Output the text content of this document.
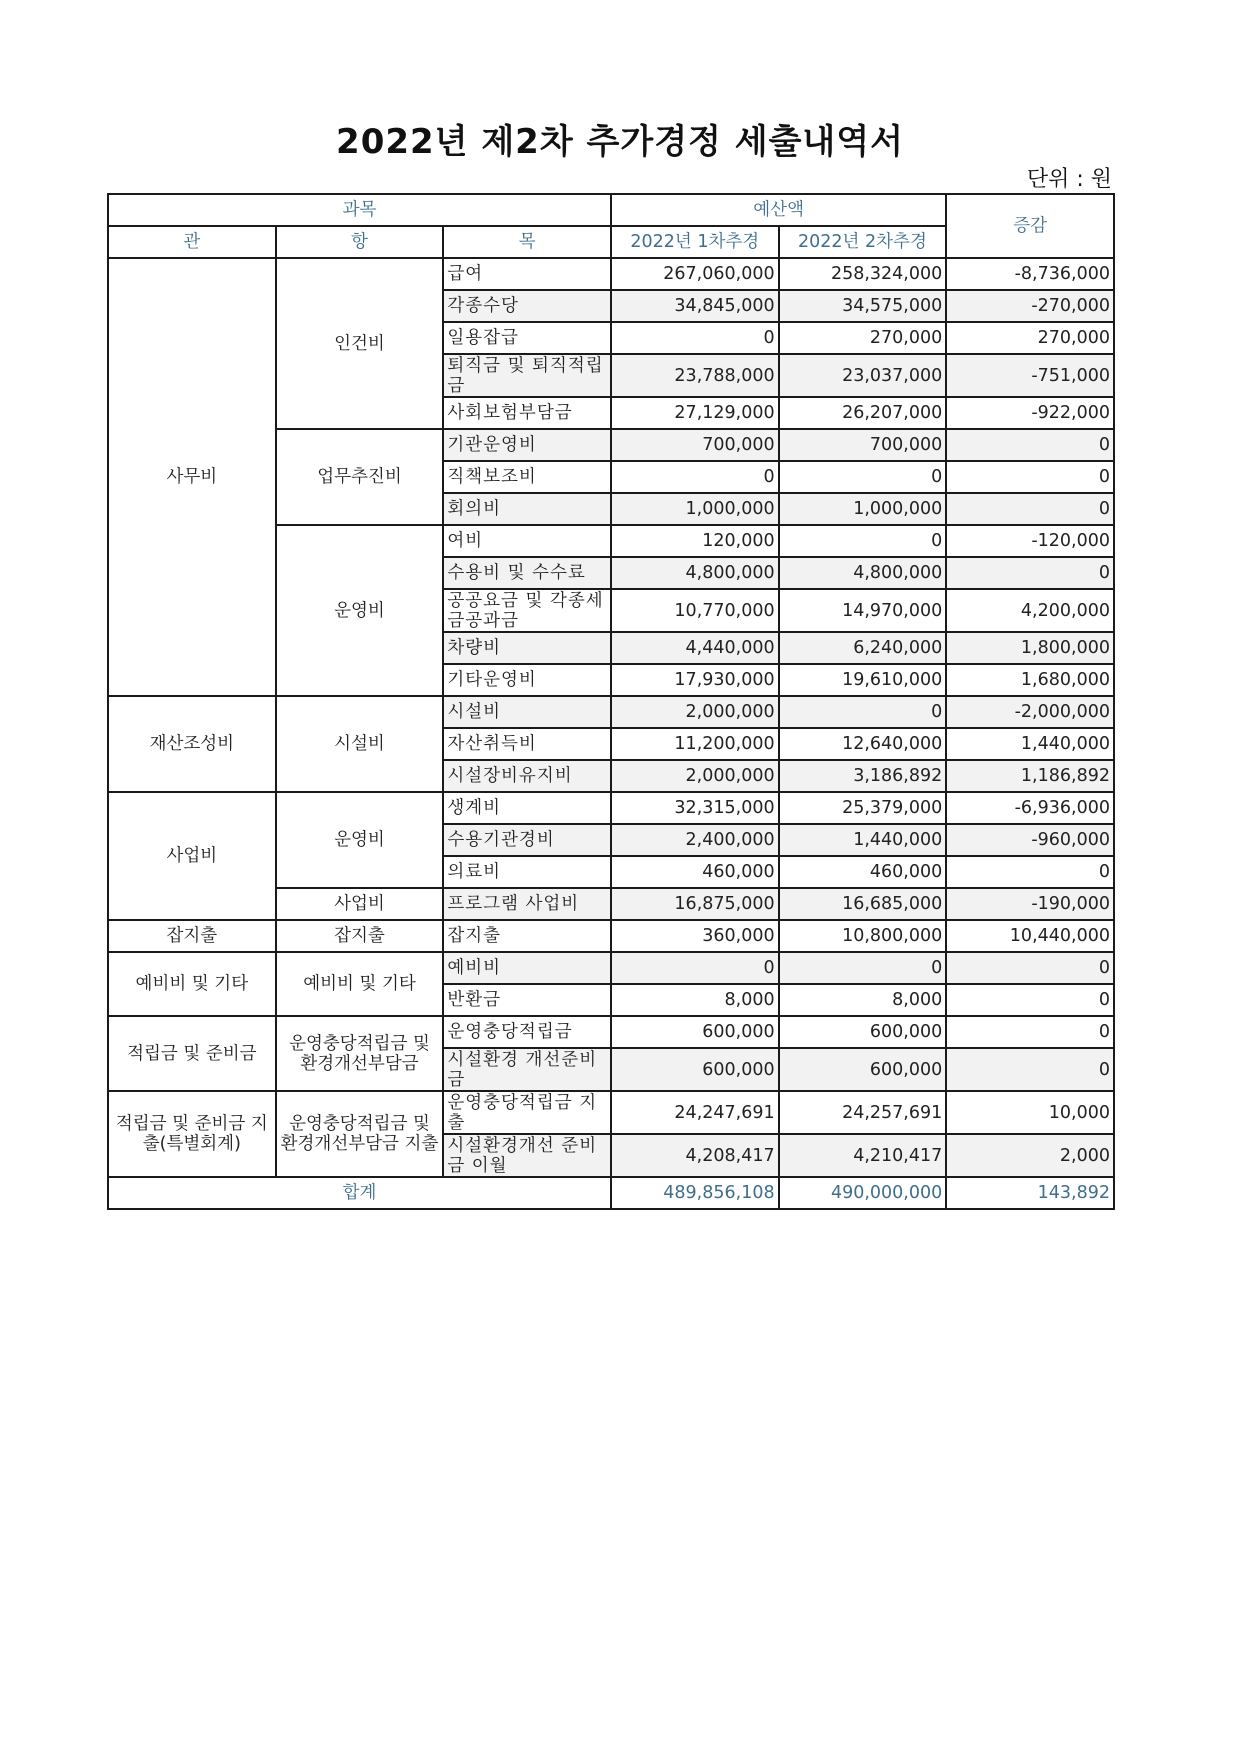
2022년 제2차 추가경정 세출내역서
단위 : 원
과목			예산액		증감
관	항	목	2022년 1차추경	2022년 2차추경	
사무비	인건비	급여	267,060,000	258,324,000	-8,736,000
		각종수당	34,845,000	34,575,000	-270,000
		일용잡급	0	270,000	270,000
		퇴직금 및 퇴직적립금	23,788,000	23,037,000	-751,000
		사회보험부담금	27,129,000	26,207,000	-922,000
	업무추진비	기관운영비	700,000	700,000	0
		직책보조비	0	0	0
		회의비	1,000,000	1,000,000	0
	운영비	여비	120,000	0	-120,000
		수용비 및 수수료	4,800,000	4,800,000	0
		공공요금 및 각종세금공과금	10,770,000	14,970,000	4,200,000
		차량비	4,440,000	6,240,000	1,800,000
		기타운영비	17,930,000	19,610,000	1,680,000
재산조성비	시설비	시설비	2,000,000	0	-2,000,000
		자산취득비	11,200,000	12,640,000	1,440,000
		시설장비유지비	2,000,000	3,186,892	1,186,892
사업비	운영비	생계비	32,315,000	25,379,000	-6,936,000
		수용기관경비	2,400,000	1,440,000	-960,000
		의료비	460,000	460,000	0
	사업비	프로그램 사업비	16,875,000	16,685,000	-190,000
잡지출	잡지출	잡지출	360,000	10,800,000	10,440,000
예비비 및 기타	예비비 및 기타	예비비	0	0	0
		반환금	8,000	8,000	0
적립금 및 준비금	운영충당적립금 및 환경개선부담금	운영충당적립금	600,000	600,000	0
		시설환경 개선준비금	600,000	600,000	0
적립금 및 준비금 지출(특별회계)	운영충당적립금 및 환경개선부담금 지출	운영충당적립금 지출	24,247,691	24,257,691	10,000
		시설환경개선 준비금 이월	4,208,417	4,210,417	2,000
합계			489,856,108	490,000,000	143,892
